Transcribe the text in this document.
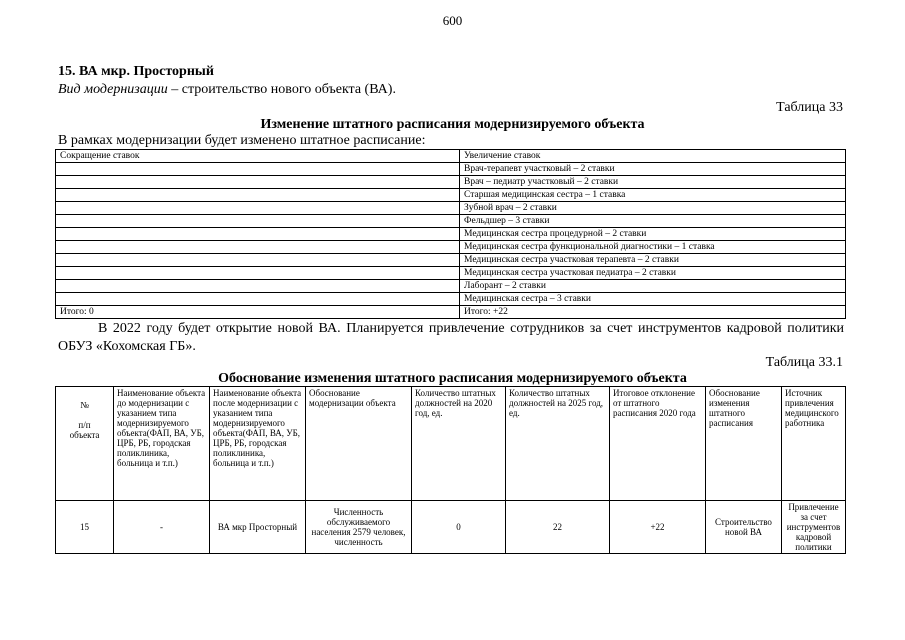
600
15. ВА мкр. Просторный
Вид модернизации – строительство нового объекта (ВА).
Таблица 33
Изменение штатного расписания модернизируемого объекта
В рамках модернизации будет изменено штатное расписание:
Сокращение ставок	Увеличение ставок
	Врач-терапевт участковый – 2 ставки
	Врач – педиатр участковый – 2 ставки
	Старшая медицинская сестра – 1 ставка
	Зубной врач – 2 ставки
	Фельдшер – 3 ставки
	Медицинская сестра процедурной – 2 ставки
	Медицинская сестра функциональной диагностики – 1 ставка
	Медицинская сестра участковая терапевта – 2 ставки
	Медицинская сестра участковая педиатра – 2 ставки
	Лаборант – 2 ставки
	Медицинская сестра – 3 ставки
Итого: 0	Итого: +22

В 2022 году будет открытие новой ВА. Планируется привлечение сотрудников за счет инструментов кадровой политики ОБУЗ «Кохомская ГБ».

Таблица 33.1
Обоснование изменения штатного расписания модернизируемого объекта
№
п/п
объекта	Наименование объекта до модернизации с указанием типа модернизируемого объекта(ФАП, ВА, УБ, ЦРБ, РБ, городская поликлиника, больница и т.п.)	Наименование объекта после модернизации с указанием типа модернизируемого объекта(ФАП, ВА, УБ, ЦРБ, РБ, городская поликлиника, больница и т.п.)	Обоснование модернизации объекта	Количество штатных должностей на 2020 год, ед.	Количество штатных должностей на 2025 год, ед.	Итоговое отклонение от штатного расписания 2020 года	Обоснование изменения штатного расписания	Источник привлечения медицинского работника
15	-	ВА мкр Просторный	Численность обслуживаемого населения 2579 человек, численность	0	22	+22	Строительство новой ВА	Привлечение за счет инструментов кадровой политики
